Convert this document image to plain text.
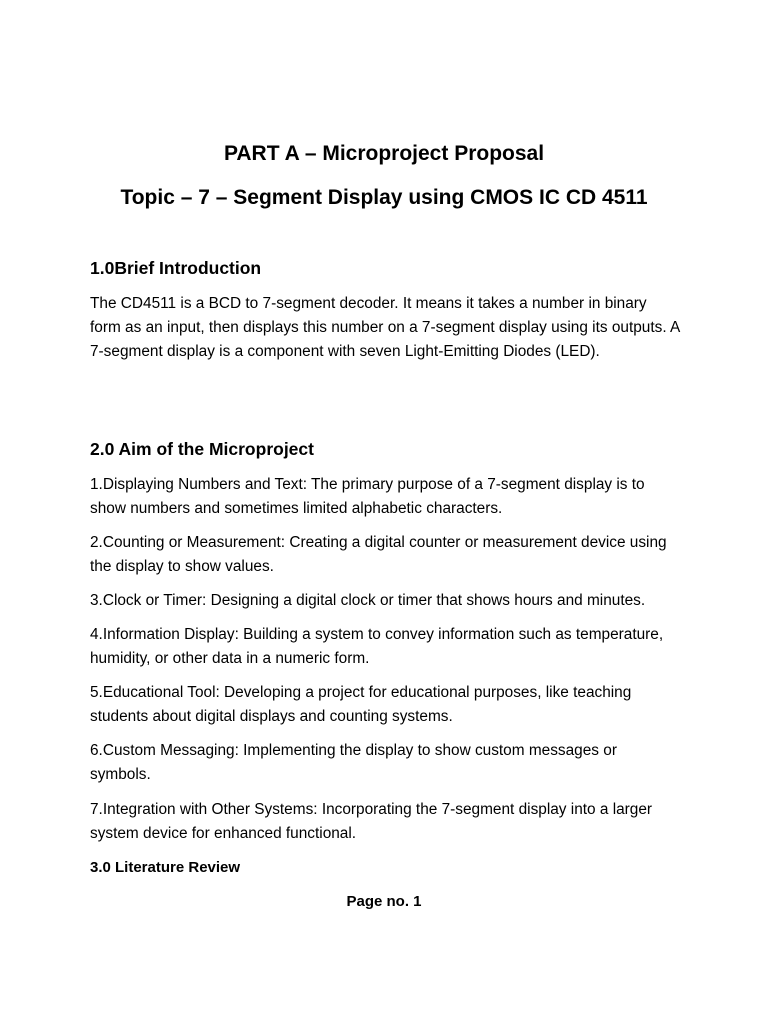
PART A – Microproject Proposal
Topic – 7 – Segment Display using CMOS IC CD 4511
1.0Brief Introduction

The CD4511 is a BCD to 7-segment decoder. It means it takes a number in binary form as an input, then displays this number on a 7-segment display using its outputs. A 7-segment display is a component with seven Light-Emitting Diodes (LED).

2.0 Aim of the Microproject

1.Displaying Numbers and Text: The primary purpose of a 7-segment display is to show numbers and sometimes limited alphabetic characters.

2.Counting or Measurement: Creating a digital counter or measurement device using the display to show values.

3.Clock or Timer: Designing a digital clock or timer that shows hours and minutes.

4.Information Display: Building a system to convey information such as temperature, humidity, or other data in a numeric form.

5.Educational Tool: Developing a project for educational purposes, like teaching students about digital displays and counting systems.

6.Custom Messaging: Implementing the display to show custom messages or symbols.

7.Integration with Other Systems: Incorporating the 7-segment display into a larger system device for enhanced functional.

3.0 Literature Review
Page no. 1
